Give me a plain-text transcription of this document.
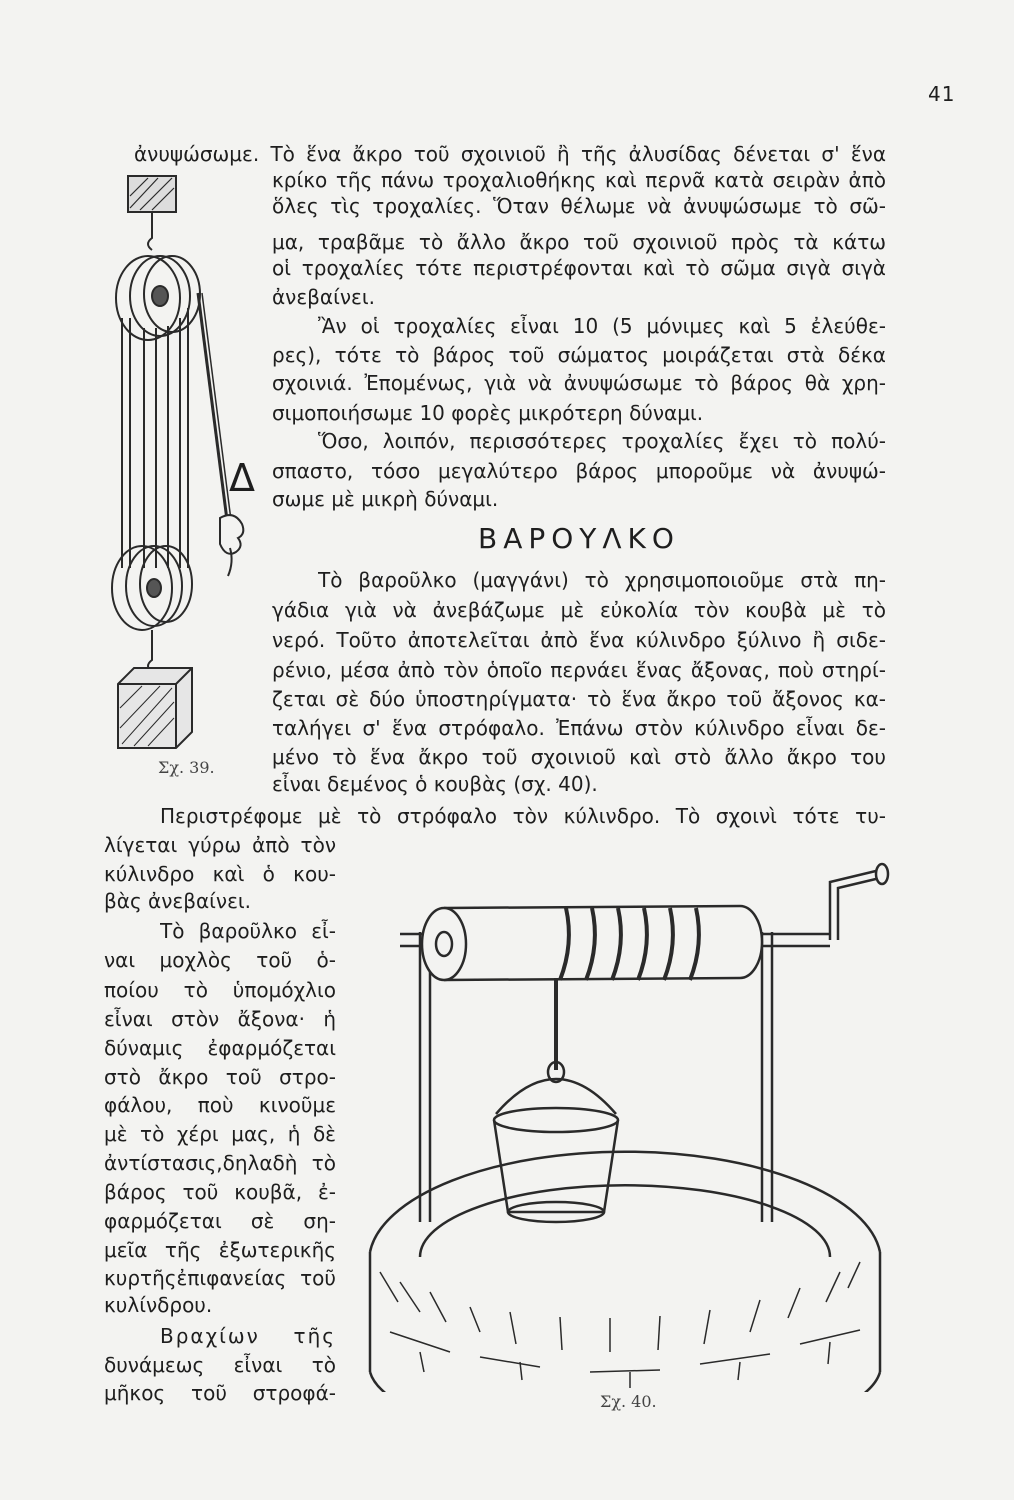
41
ἀνυψώσωμε. Τὸ ἕνα ἄκρο τοῦ σχοινιοῦ ἢ τῆς ἀλυσίδας δένεται σ' ἕνα
κρίκο τῆς πάνω τροχαλιοθήκης καὶ περνᾶ κατὰ σειρὰν ἀπὸ
ὅλες τὶς τροχαλίες. Ὅταν θέλωμε νὰ ἀνυψώσωμε τὸ σῶ-
μα, τραβᾶμε τὸ ἄλλο ἄκρο τοῦ σχοινιοῦ πρὸς τὰ κάτω
οἱ τροχαλίες τότε περιστρέφονται καὶ τὸ σῶμα σιγὰ σιγὰ
ἀνεβαίνει.
Ἂν οἱ τροχαλίες εἶναι 10 (5 μόνιμες καὶ 5 ἐλεύθε-
ρες), τότε τὸ βάρος τοῦ σώματος μοιράζεται στὰ δέκα
σχοινιά. Ἐπομένως, γιὰ νὰ ἀνυψώσωμε τὸ βάρος θὰ χρη-
σιμοποιήσωμε 10 φορὲς μικρότερη δύναμι.
Ὅσο, λοιπόν, περισσότερες τροχαλίες ἔχει τὸ πολύ-
σπαστο, τόσο μεγαλύτερο βάρος μποροῦμε νὰ ἀνυψώ-
σωμε μὲ μικρὴ δύναμι.
Δ
ΒΑΡΟΥΛΚΟ
Τὸ βαροῦλκο (μαγγάνι) τὸ χρησιμοποιοῦμε στὰ πη-
γάδια γιὰ νὰ ἀνεβάζωμε μὲ εὐκολία τὸν κουβὰ μὲ τὸ
νερό. Τοῦτο ἀποτελεῖται ἀπὸ ἕνα κύλινδρο ξύλινο ἢ σιδε-
ρένιο, μέσα ἀπὸ τὸν ὁποῖο περνάει ἕνας ἄξονας, ποὺ στηρί-
ζεται σὲ δύο ὑποστηρίγματα· τὸ ἕνα ἄκρο τοῦ ἄξονος κα-
ταλήγει σ' ἕνα στρόφαλο. Ἐπάνω στὸν κύλινδρο εἶναι δε-
μένο τὸ ἕνα ἄκρο τοῦ σχοινιοῦ καὶ στὸ ἄλλο ἄκρο του
εἶναι δεμένος ὁ κουβὰς (σχ. 40).
Περιστρέφομε μὲ τὸ στρόφαλο τὸν κύλινδρο. Τὸ σχοινὶ τότε τυ-
λίγεται γύρω ἀπὸ τὸν
κύλινδρο καὶ ὁ κου-
βὰς ἀνεβαίνει.
Τὸ βαροῦλκο εἶ-
ναι μοχλὸς τοῦ ὁ-
ποίου τὸ ὑπομόχλιο
εἶναι στὸν ἄξονα· ἡ
δύναμις ἐφαρμόζεται
στὸ ἄκρο τοῦ στρο-
φάλου, ποὺ κινοῦμε
μὲ τὸ χέρι μας, ἡ δὲ
ἀντίστασις,δηλαδὴ τὸ
βάρος τοῦ κουβᾶ, ἐ-
φαρμόζεται σὲ ση-
μεῖα τῆς ἐξωτερικῆς
κυρτῆςἐπιφανείας τοῦ
κυλίνδρου.
Βραχίων τῆς
δυνάμεως εἶναι τὸ
μῆκος τοῦ στροφά-
Σχ. 39.
Σχ. 40.
